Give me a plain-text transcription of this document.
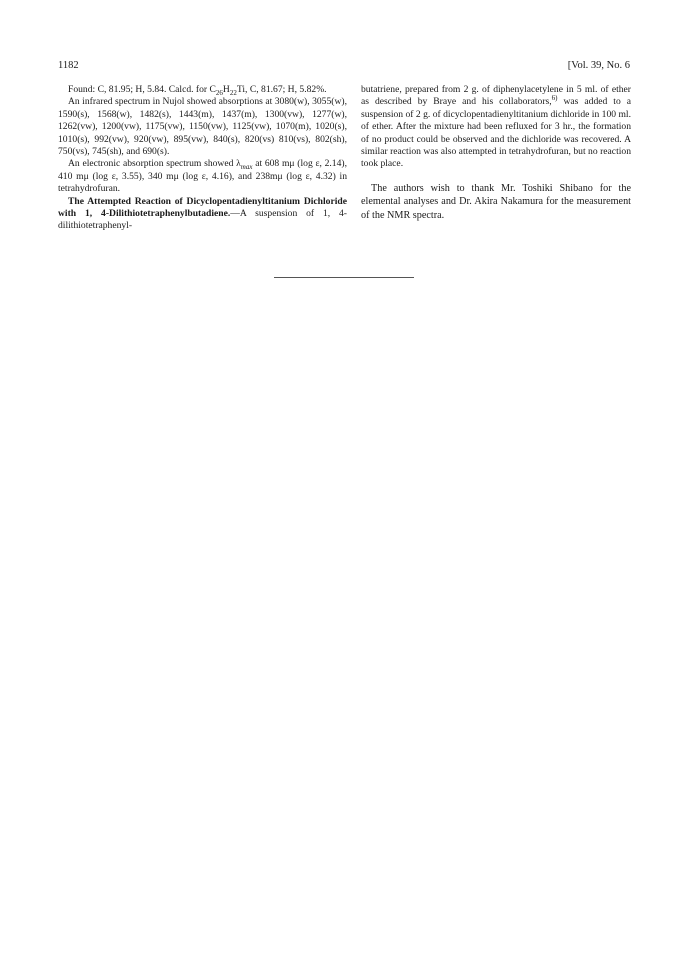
1182	[Vol. 39, No. 6

Found: C, 81.95; H, 5.84. Calcd. for $C_{26}H_{22}Ti$, C, 81.67; H, 5.82%.

An infrared spectrum in Nujol showed absorptions at 3080(w), 3055(w), 1590(s), 1568(w), 1482(s), 1443(m), 1437(m), 1300(vw), 1277(w), 1262(vw), 1200(vw), 1175(vw), 1150(vw), 1125(vw), 1070(m), 1020(s), 1010(s), 992(vw), 920(vw), 895(vw), 840(s), 820(vs) 810(vs), 802(sh), 750(vs), 745(sh), and 690(s).

An electronic absorption spectrum showed $\lambda_{max}$ at 608 mμ (log ε, 2.14), 410 mμ (log ε, 3.55), 340 mμ (log ε, 4.16), and 238mμ (log ε, 4.32) in tetrahydrofuran.

The Attempted Reaction of Dicyclopentadienyltitanium Dichloride with 1, 4-Dilithiotetraphenylbutadiene.—A suspension of 1, 4-dilithiotetraphenyl-

butatriene, prepared from 2 g. of diphenylacetylene in 5 ml. of ether as described by Braye and his collaborators,$^{6)}$ was added to a suspension of 2 g. of dicyclopentadienyltitanium dichloride in 100 ml. of ether. After the mixture had been refluxed for 3 hr., the formation of no product could be observed and the dichloride was recovered. A similar reaction was also attempted in tetrahydrofuran, but no reaction took place.

The authors wish to thank Mr. Toshiki Shibano for the elemental analyses and Dr. Akira Nakamura for the measurement of the NMR spectra.
